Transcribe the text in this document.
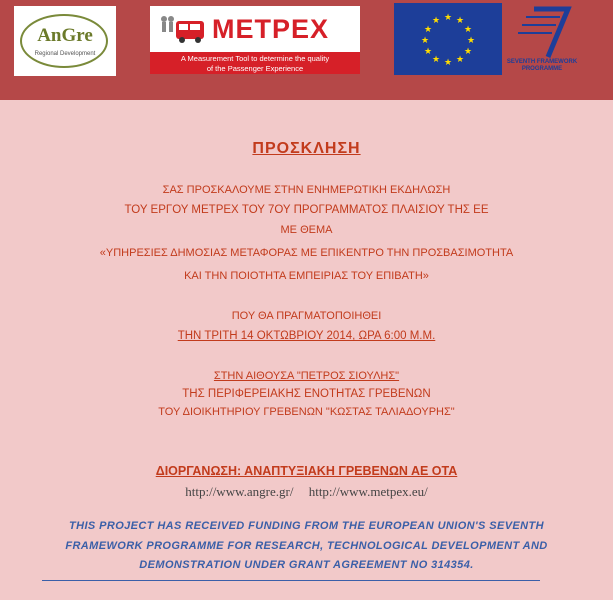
AnGre
Regional Development
METPEX
A Measurement Tool to determine the quality
of the Passenger Experience
★ ★
★
★
★
★
★
★
★
★
★
★
SEVENTH FRAMEWORK
PROGRAMME
ΠΡΟΣΚΛΗΣΗ
ΣΑΣ ΠΡΟΣΚΑΛΟΥΜΕ ΣΤΗΝ ΕΝΗΜΕΡΩΤΙΚΗ ΕΚΔΗΛΩΣΗ
ΤΟΥ ΕΡΓΟΥ METPEX ΤΟΥ 7ΟΥ ΠΡΟΓΡΑΜΜΑΤΟΣ ΠΛΑΙΣΙΟΥ ΤΗΣ ΕΕ
ΜΕ ΘΕΜΑ
«ΥΠΗΡΕΣΙΕΣ ΔΗΜΟΣΙΑΣ ΜΕΤΑΦΟΡΑΣ ΜΕ ΕΠΙΚΕΝΤΡΟ ΤΗΝ ΠΡΟΣΒΑΣΙΜΟΤΗΤΑ
ΚΑΙ ΤΗΝ ΠΟΙΟΤΗΤΑ ΕΜΠΕΙΡΙΑΣ ΤΟΥ ΕΠΙΒΑΤΗ»
ΠΟΥ ΘΑ ΠΡΑΓΜΑΤΟΠΟΙΗΘΕΙ
ΤΗΝ ΤΡΙΤΗ 14 ΟΚΤΩΒΡΙΟΥ 2014, ΩΡΑ 6:00 Μ.Μ.
ΣΤΗΝ ΑΙΘΟΥΣΑ "ΠΕΤΡΟΣ ΣΙΟΥΛΗΣ"
ΤΗΣ ΠΕΡΙΦΕΡΕΙΑΚΗΣ ΕΝΟΤΗΤΑΣ ΓΡΕΒΕΝΩΝ
ΤΟΥ ΔΙΟΙΚΗΤΗΡΙΟΥ ΓΡΕΒΕΝΩΝ "ΚΩΣΤΑΣ ΤΑΛΙΑΔΟΥΡΗΣ"
ΔΙΟΡΓΑΝΩΣΗ: ΑΝΑΠΤΥΞΙΑΚΗ ΓΡΕΒΕΝΩΝ ΑΕ ΟΤΑ
http://www.angre.gr/ http://www.metpex.eu/
THIS PROJECT HAS RECEIVED FUNDING FROM THE EUROPEAN UNION'S SEVENTH
FRAMEWORK PROGRAMME FOR RESEARCH, TECHNOLOGICAL DEVELOPMENT AND
DEMONSTRATION UNDER GRANT AGREEMENT NO 314354.
